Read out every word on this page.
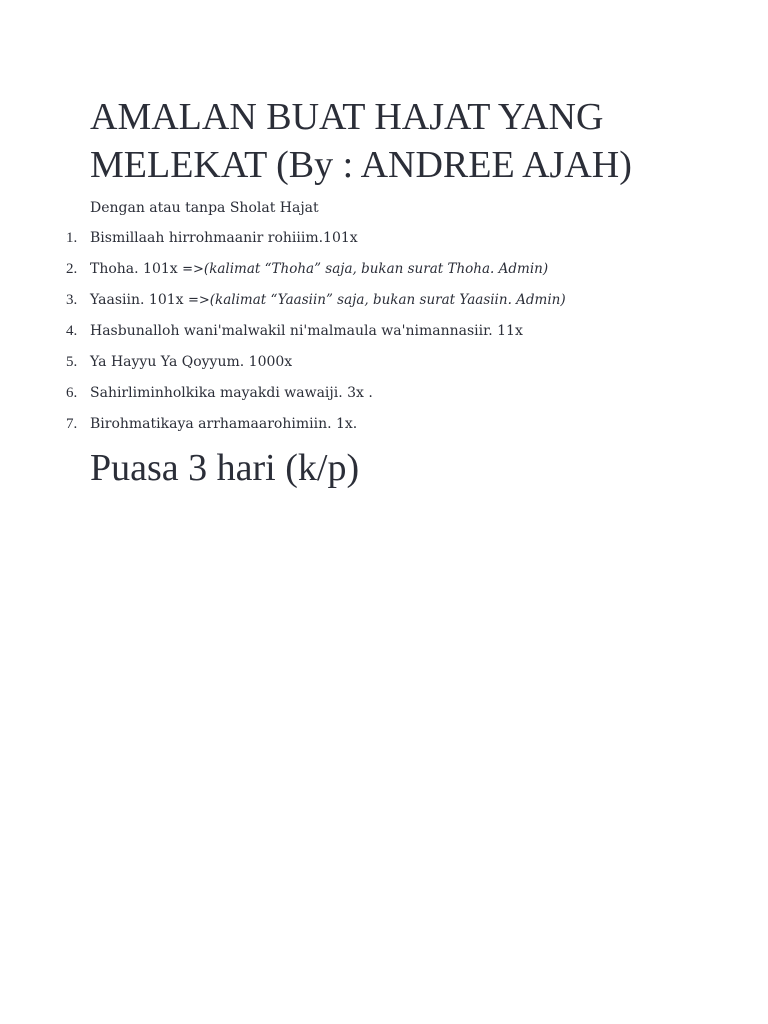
AMALAN BUAT HAJAT YANG MELEKAT (By : ANDREE AJAH)

Dengan atau tanpa Sholat Hajat

1. Bismillaah hirrohmaanir rohiiim.101x
2. Thoha. 101x =>(kalimat “Thoha” saja, bukan surat Thoha. Admin)
3. Yaasiin. 101x =>(kalimat “Yaasiin” saja, bukan surat Yaasiin. Admin)
4. Hasbunalloh wani'malwakil ni'malmaula wa'nimannasiir. 11x
5. Ya Hayyu Ya Qoyyum. 1000x
6. Sahirliminholkika mayakdi wawaiji. 3x .
7. Birohmatikaya arrhamaarohimiin. 1x.
Puasa 3 hari (k/p)
